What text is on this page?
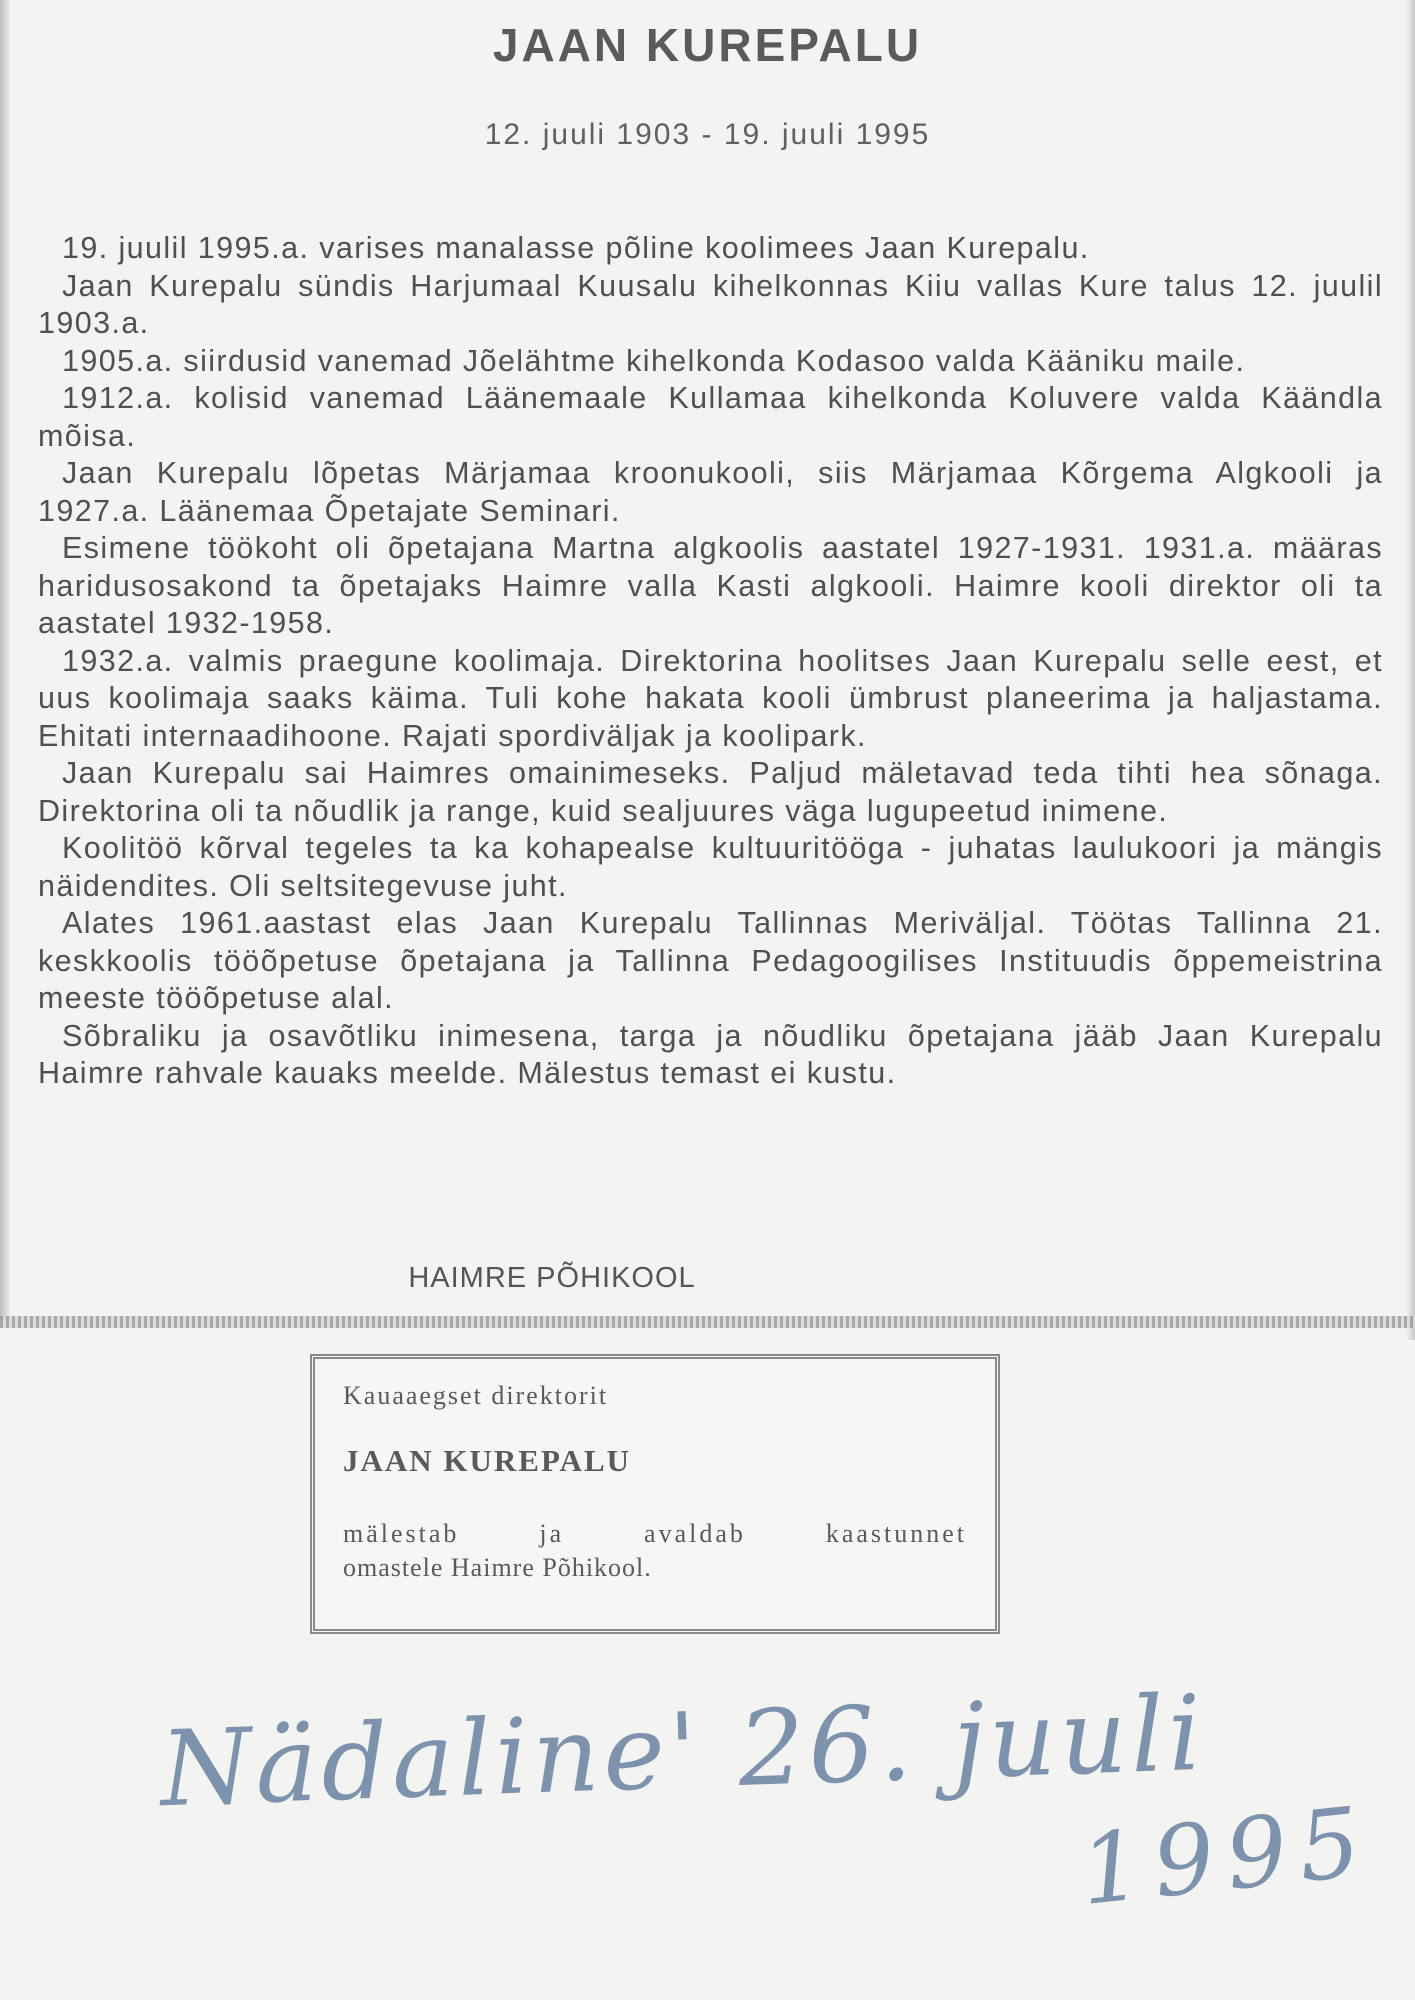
JAAN KUREPALU
12. juuli 1903 - 19. juuli 1995

19. juulil 1995.a. varises manalasse põline koolimees Jaan Kurepalu.

Jaan Kurepalu sündis Harjumaal Kuusalu kihelkonnas Kiiu vallas Kure talus 12. juulil 1903.a.

1905.a. siirdusid vanemad Jõelähtme kihelkonda Kodasoo valda Kääniku maile.

1912.a. kolisid vanemad Läänemaale Kullamaa kihelkonda Koluvere valda Käändla mõisa.

Jaan Kurepalu lõpetas Märjamaa kroonukooli, siis Märjamaa Kõrgema Algkooli ja 1927.a. Läänemaa Õpetajate Seminari.

Esimene töökoht oli õpetajana Martna algkoolis aastatel 1927-1931. 1931.a. määras haridusosakond ta õpetajaks Haimre valla Kasti algkooli. Haimre kooli direktor oli ta aastatel 1932-1958.

1932.a. valmis praegune koolimaja. Direktorina hoolitses Jaan Kurepalu selle eest, et uus koolimaja saaks käima. Tuli kohe hakata kooli ümbrust planeerima ja haljastama. Ehitati internaadihoone. Rajati spordiväljak ja koolipark.

Jaan Kurepalu sai Haimres omainimeseks. Paljud mäletavad teda tihti hea sõnaga. Direktorina oli ta nõudlik ja range, kuid sealjuures väga lugupeetud inimene.

Koolitöö kõrval tegeles ta ka kohapealse kultuuritööga - juhatas laulukoori ja mängis näidendites. Oli seltsitegevuse juht.

Alates 1961.aastast elas Jaan Kurepalu Tallinnas Meriväljal. Töötas Tallinna 21. keskkoolis tööõpetuse õpetajana ja Tallinna Pedagoogilises Instituudis õppemeistrina meeste tööõpetuse alal.

Sõbraliku ja osavõtliku inimesena, targa ja nõudliku õpetajana jääb Jaan Kurepalu Haimre rahvale kauaks meelde. Mälestus temast ei kustu.

HAIMRE PÕHIKOOL
Kauaaegset direktorit
JAAN KUREPALU
mälestab ja avaldab kaastunnet
omastele Haimre Põhikool.
Nädaline' 26. juuli
1995
